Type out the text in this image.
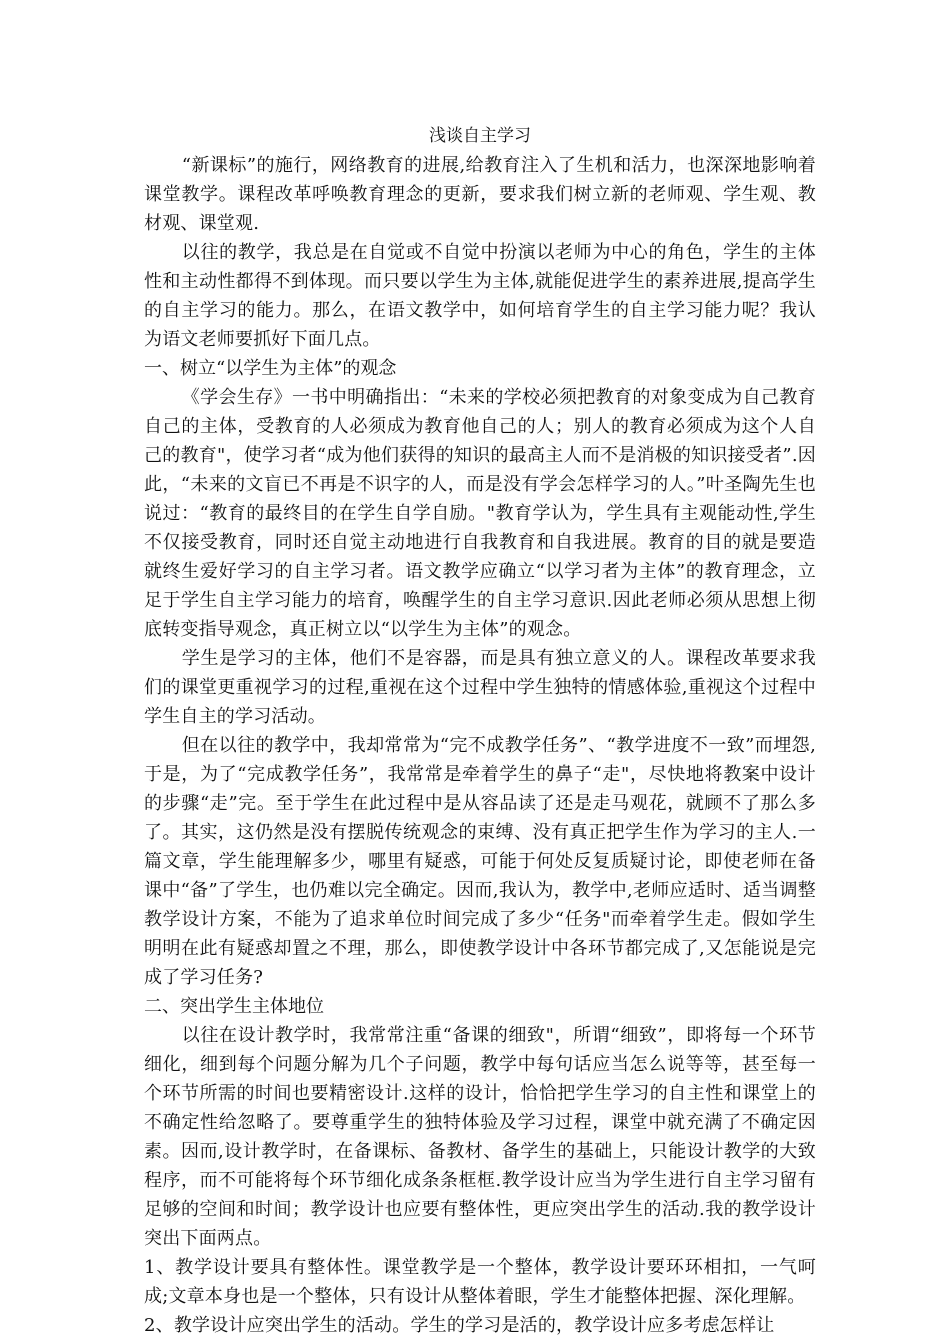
浅谈自主学习

“新课标”的施行，网络教育的进展,给教育注入了生机和活力，也深深地影响着课堂教学。课程改革呼唤教育理念的更新，要求我们树立新的老师观、学生观、教材观、课堂观.

以往的教学，我总是在自觉或不自觉中扮演以老师为中心的角色，学生的主体性和主动性都得不到体现。而只要以学生为主体,就能促进学生的素养进展,提高学生的自主学习的能力。那么，在语文教学中，如何培育学生的自主学习能力呢？我认为语文老师要抓好下面几点。

一、树立“以学生为主体”的观念

《学会生存》一书中明确指出：“未来的学校必须把教育的对象变成为自己教育自己的主体，受教育的人必须成为教育他自己的人；别人的教育必须成为这个人自己的教育"，使学习者“成为他们获得的知识的最高主人而不是消极的知识接受者”.因此，“未来的文盲已不再是不识字的人，而是没有学会怎样学习的人。”叶圣陶先生也说过：“教育的最终目的在学生自学自励。"教育学认为，学生具有主观能动性,学生不仅接受教育，同时还自觉主动地进行自我教育和自我进展。教育的目的就是要造就终生爱好学习的自主学习者。语文教学应确立“以学习者为主体”的教育理念，立足于学生自主学习能力的培育，唤醒学生的自主学习意识.因此老师必须从思想上彻底转变指导观念，真正树立以“以学生为主体”的观念。

学生是学习的主体，他们不是容器，而是具有独立意义的人。课程改革要求我们的课堂更重视学习的过程,重视在这个过程中学生独特的情感体验,重视这个过程中学生自主的学习活动。

但在以往的教学中，我却常常为“完不成教学任务”、“教学进度不一致”而埋怨,于是，为了“完成教学任务”，我常常是牵着学生的鼻子“走"，尽快地将教案中设计的步骤“走”完。至于学生在此过程中是从容品读了还是走马观花，就顾不了那么多了。其实，这仍然是没有摆脱传统观念的束缚、没有真正把学生作为学习的主人.一篇文章，学生能理解多少，哪里有疑惑，可能于何处反复质疑讨论，即使老师在备课中“备”了学生，也仍难以完全确定。因而,我认为，教学中,老师应适时、适当调整教学设计方案，不能为了追求单位时间完成了多少“任务"而牵着学生走。假如学生明明在此有疑惑却置之不理，那么，即使教学设计中各环节都完成了,又怎能说是完成了学习任务?

二、突出学生主体地位

以往在设计教学时，我常常注重“备课的细致"，所谓“细致”，即将每一个环节细化，细到每个问题分解为几个子问题，教学中每句话应当怎么说等等，甚至每一个环节所需的时间也要精密设计.这样的设计，恰恰把学生学习的自主性和课堂上的不确定性给忽略了。要尊重学生的独特体验及学习过程，课堂中就充满了不确定因素。因而,设计教学时，在备课标、备教材、备学生的基础上，只能设计教学的大致程序，而不可能将每个环节细化成条条框框.教学设计应当为学生进行自主学习留有足够的空间和时间；教学设计也应要有整体性，更应突出学生的活动.我的教学设计突出下面两点。

1、教学设计要具有整体性。课堂教学是一个整体，教学设计要环环相扣，一气呵成;文章本身也是一个整体，只有设计从整体着眼，学生才能整体把握、深化理解。

2、教学设计应突出学生的活动。学生的学习是活的，教学设计应多考虑怎样让
